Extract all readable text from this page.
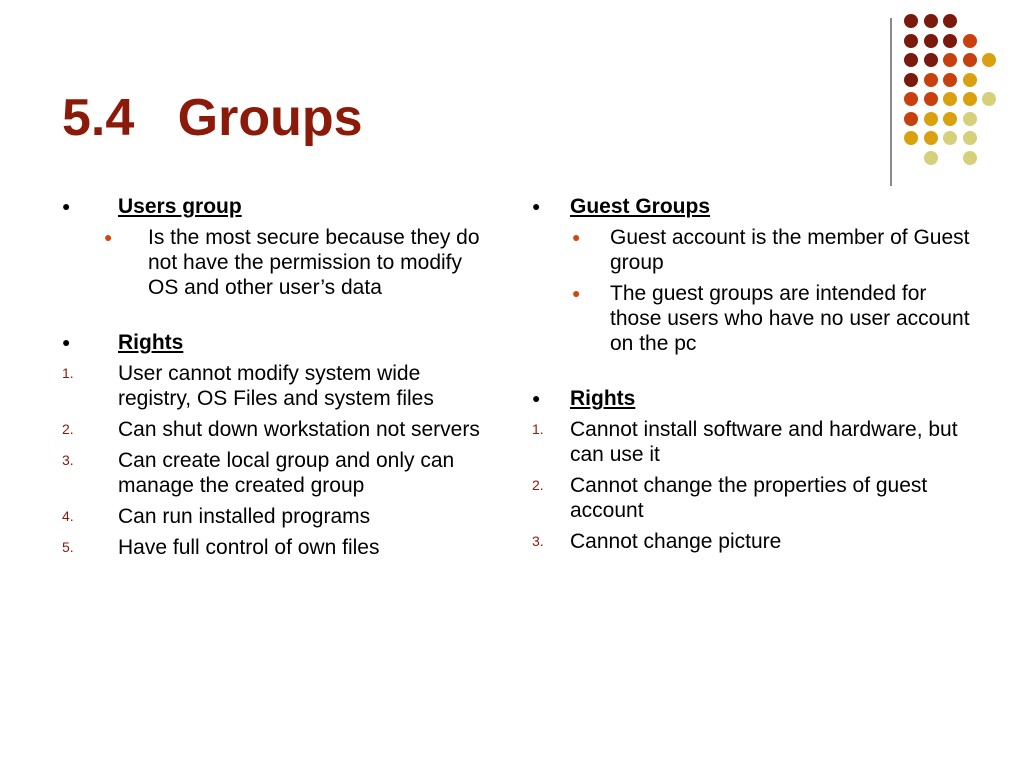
5.4   Groups
●	Users group
●	Is the most secure because they do not have the permission to modify OS and other user’s data
●	Rights
1.	User cannot modify system wide registry, OS Files and system files
2.	Can shut down workstation not servers
3.	Can create local group and only can manage the created group
4.	Can run installed programs
5.	Have full control of own files
●	Guest Groups
●	Guest account is the member of Guest group
●	The guest groups are intended for those users who have no user account on the pc
●	Rights
1.	Cannot install software and hardware, but can use it
2.	Cannot change the properties of guest account
3.	Cannot change picture
